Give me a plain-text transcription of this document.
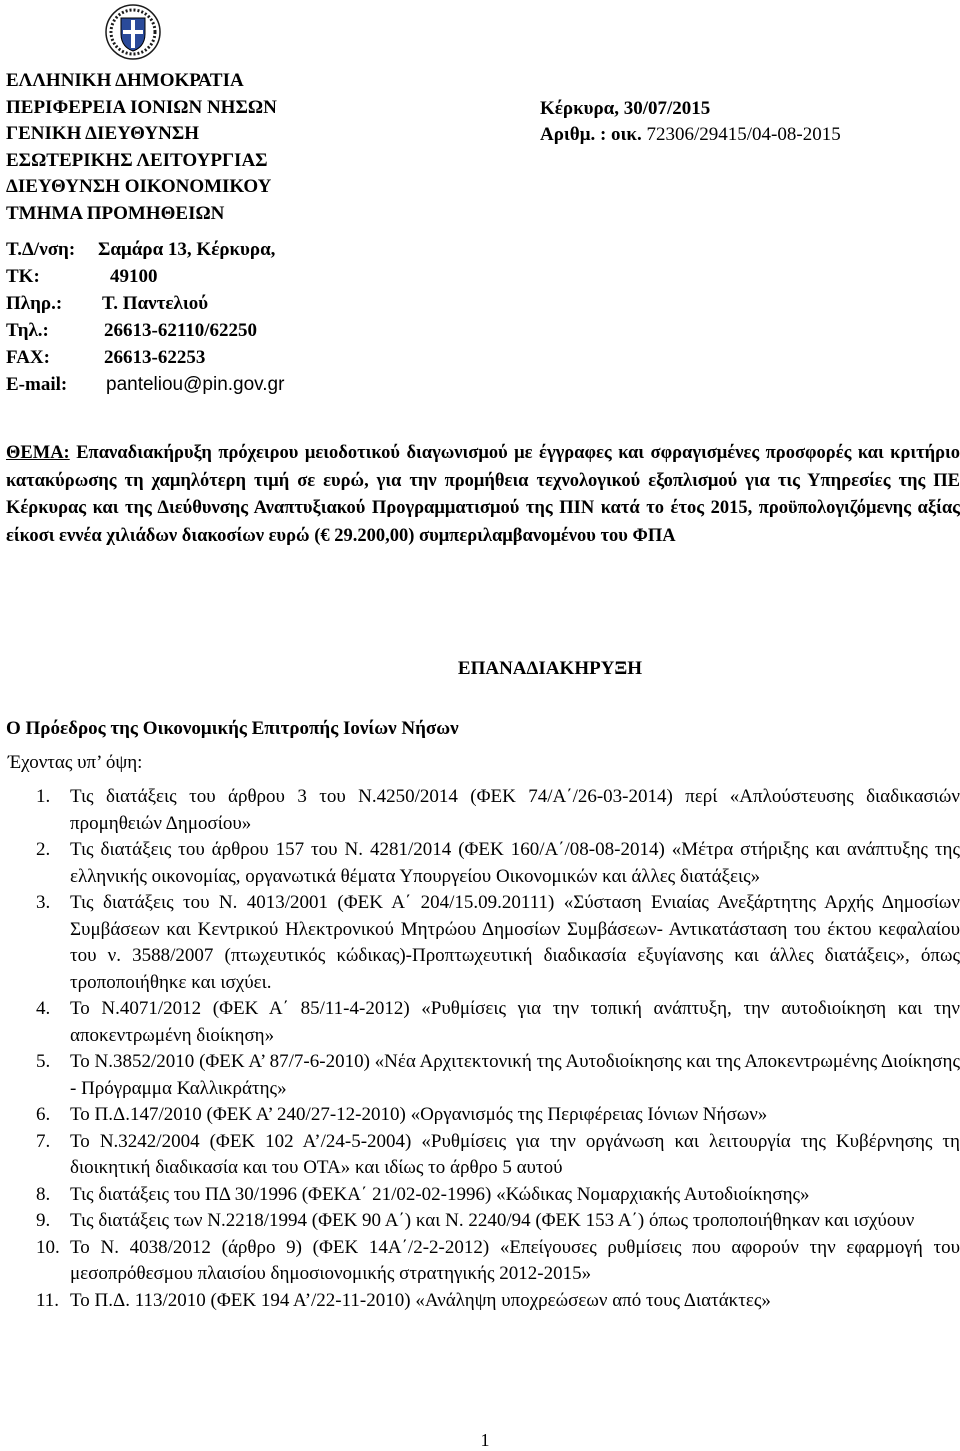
ΕΛΛΗΝΙΚΗ ΔΗΜΟΚΡΑΤΙΑ
ΠΕΡΙΦΕΡΕΙΑ ΙΟΝΙΩΝ ΝΗΣΩΝ
ΓΕΝΙΚΗ ΔΙΕΥΘΥΝΣΗ
ΕΣΩΤΕΡΙΚΗΣ ΛΕΙΤΟΥΡΓΙΑΣ
ΔΙΕΥΘΥΝΣΗ ΟΙΚΟΝΟΜΙΚΟΥ
ΤΜΗΜΑ ΠΡΟΜΗΘΕΙΩΝ
Κέρκυρα, 30/07/2015
Αριθμ. : οικ. 72306/29415/04-08-2015
Τ.Δ/νση: Σαμάρα 13, Κέρκυρα,
ΤΚ:	49100
Πληρ.: Τ. Παντελιού
Τηλ.:	26613-62110/62250
FAX:	26613-62253
E-mail: panteliou@pin.gov.gr
ΘΕΜΑ: Επαναδιακήρυξη πρόχειρου μειοδοτικού διαγωνισμού με έγγραφες και σφραγισμένες προσφορές και κριτήριο κατακύρωσης τη χαμηλότερη τιμή σε ευρώ, για την προμήθεια τεχνολογικού εξοπλισμού για τις Υπηρεσίες της ΠΕ Κέρκυρας και της Διεύθυνσης Αναπτυξιακού Προγραμματισμού της ΠΙΝ κατά το έτος 2015, προϋπολογιζόμενης αξίας είκοσι εννέα χιλιάδων διακοσίων ευρώ (€ 29.200,00) συμπεριλαμβανομένου του ΦΠΑ
ΕΠΑΝΑΔΙΑΚΗΡΥΞΗ
Ο Πρόεδρος της Οικονομικής Επιτροπής Ιονίων Νήσων
Έχοντας υπ’ όψη:
1. Τις διατάξεις του άρθρου 3 του Ν.4250/2014 (ΦΕΚ 74/Α΄/26-03-2014) περί «Απλούστευσης διαδικασιών προμηθειών Δημοσίου»
2. Τις διατάξεις του άρθρου 157 του Ν. 4281/2014 (ΦΕΚ 160/Α΄/08-08-2014) «Μέτρα στήριξης και ανάπτυξης της ελληνικής οικονομίας, οργανωτικά θέματα Υπουργείου Οικονομικών και άλλες διατάξεις»
3. Τις διατάξεις του Ν. 4013/2001 (ΦΕΚ Α΄ 204/15.09.20111) «Σύσταση Ενιαίας Ανεξάρτητης Αρχής Δημοσίων Συμβάσεων και Κεντρικού Ηλεκτρονικού Μητρώου Δημοσίων Συμβάσεων- Αντικατάσταση του έκτου κεφαλαίου του ν. 3588/2007 (πτωχευτικός κώδικας)-Προπτωχευτική διαδικασία εξυγίανσης και άλλες διατάξεις», όπως τροποποιήθηκε και ισχύει.
4. Το Ν.4071/2012 (ΦΕΚ Α΄ 85/11-4-2012) «Ρυθμίσεις για την τοπική ανάπτυξη, την αυτοδιοίκηση και την αποκεντρωμένη διοίκηση»
5. Το Ν.3852/2010 (ΦΕΚ Α’ 87/7-6-2010) «Νέα Αρχιτεκτονική της Αυτοδιοίκησης και της Αποκεντρωμένης Διοίκησης - Πρόγραμμα Καλλικράτης»
6. Το Π.Δ.147/2010 (ΦΕΚ Α’ 240/27-12-2010) «Οργανισμός της Περιφέρειας Ιόνιων Νήσων»
7. Το Ν.3242/2004 (ΦΕΚ 102 Α’/24-5-2004) «Ρυθμίσεις για την οργάνωση και λειτουργία της Κυβέρνησης τη διοικητική διαδικασία και του ΟΤΑ» και ιδίως το άρθρο 5 αυτού
8. Τις διατάξεις του ΠΔ 30/1996 (ΦΕΚΑ΄ 21/02-02-1996) «Κώδικας Νομαρχιακής Αυτοδιοίκησης»
9. Τις διατάξεις των Ν.2218/1994 (ΦΕΚ 90 Α΄) και Ν. 2240/94 (ΦΕΚ 153 Α΄) όπως τροποποιήθηκαν και ισχύουν
10. Το Ν. 4038/2012 (άρθρο 9) (ΦΕΚ 14Α΄/2-2-2012) «Επείγουσες ρυθμίσεις που αφορούν την εφαρμογή του μεσοπρόθεσμου πλαισίου δημοσιονομικής στρατηγικής 2012-2015»
11. Το Π.Δ. 113/2010 (ΦΕΚ 194 Α’/22-11-2010) «Ανάληψη υποχρεώσεων από τους Διατάκτες»
1
